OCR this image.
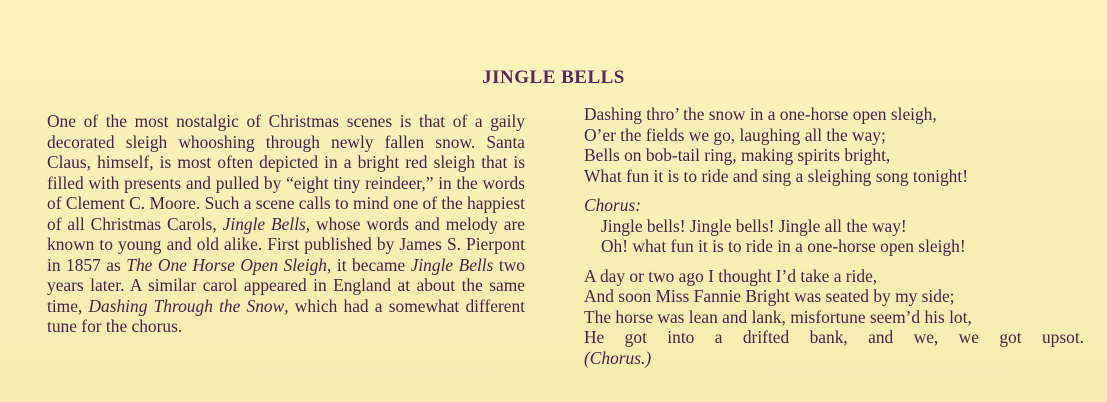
JINGLE BELLS
One of the most nostalgic of Christmas scenes is that of a gaily decorated sleigh whooshing through newly fallen snow. Santa Claus, himself, is most often depicted in a bright red sleigh that is filled with presents and pulled by “eight tiny reindeer,” in the words of Clement C. Moore. Such a scene calls to mind one of the happiest of all Christmas Carols, Jingle Bells, whose words and melody are known to young and old alike. First published by James S. Pierpont in 1857 as The One Horse Open Sleigh, it became Jingle Bells two years later. A similar carol appeared in England at about the same time, Dashing Through the Snow, which had a somewhat different tune for the chorus.
Dashing thro’ the snow in a one-horse open sleigh,
O’er the fields we go, laughing all the way;
Bells on bob-tail ring, making spirits bright,
What fun it is to ride and sing a sleighing song tonight!
Chorus:
Jingle bells! Jingle bells! Jingle all the way!
Oh! what fun it is to ride in a one-horse open sleigh!
A day or two ago I thought I’d take a ride,
And soon Miss Fannie Bright was seated by my side;
The horse was lean and lank, misfortune seem’d his lot,
He got into a drifted bank, and we, we got upsot.
(Chorus.)
